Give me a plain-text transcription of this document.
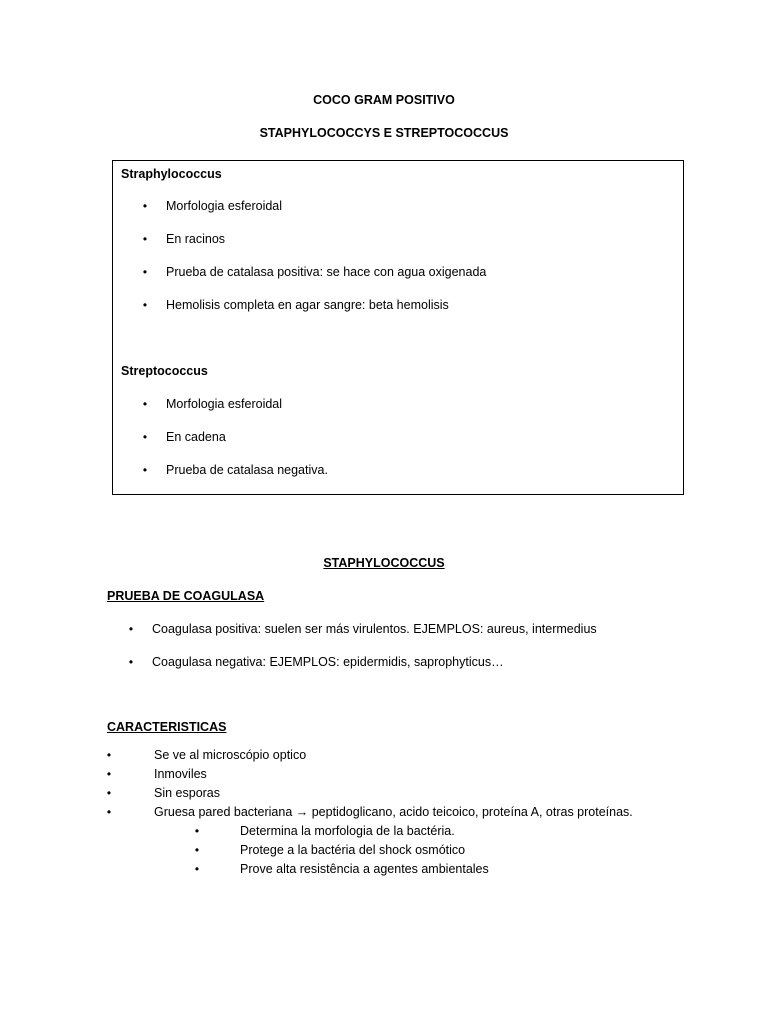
COCO GRAM POSITIVO
STAPHYLOCOCCYS E STREPTOCOCCUS
Straphylococcus
•	Morfologia esferoidal
•	En racinos
•	Prueba de catalasa positiva: se hace con agua oxigenada
•	Hemolisis completa en agar sangre: beta hemolisis
Streptococcus
•	Morfologia esferoidal
•	En cadena
•	Prueba de catalasa negativa.
STAPHYLOCOCCUS
PRUEBA DE COAGULASA
•	Coagulasa positiva: suelen ser más virulentos. EJEMPLOS: aureus, intermedius
•	Coagulasa negativa: EJEMPLOS: epidermidis, saprophyticus…
CARACTERISTICAS
•	Se ve al microscópio optico
•	Inmoviles
•	Sin esporas
•	Gruesa pared bacteriana → peptidoglicano, acido teicoico, proteína A, otras proteínas.
•	Determina la morfologia de la bactéria.
•	Protege a la bactéria del shock osmótico
•	Prove alta resistência a agentes ambientales
